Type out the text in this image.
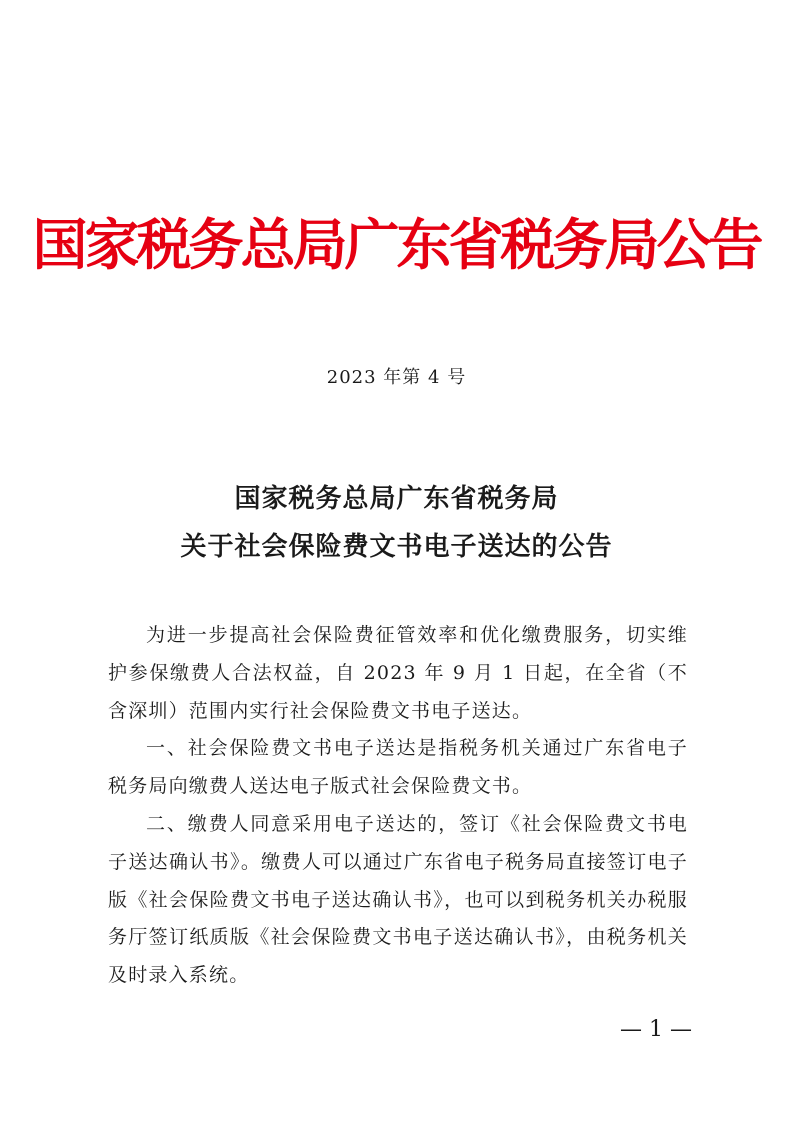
国家税务总局广东省税务局公告
2023 年第 4 号
国家税务总局广东省税务局
关于社会保险费文书电子送达的公告

为进一步提高社会保险费征管效率和优化缴费服务，切实维护参保缴费人合法权益，自 2023 年 9 月 1 日起，在全省（不含深圳）范围内实行社会保险费文书电子送达。

一、社会保险费文书电子送达是指税务机关通过广东省电子税务局向缴费人送达电子版式社会保险费文书。

二、缴费人同意采用电子送达的，签订《社会保险费文书电子送达确认书》。缴费人可以通过广东省电子税务局直接签订电子版《社会保险费文书电子送达确认书》，也可以到税务机关办税服务厅签订纸质版《社会保险费文书电子送达确认书》，由税务机关及时录入系统。

— 1 —
